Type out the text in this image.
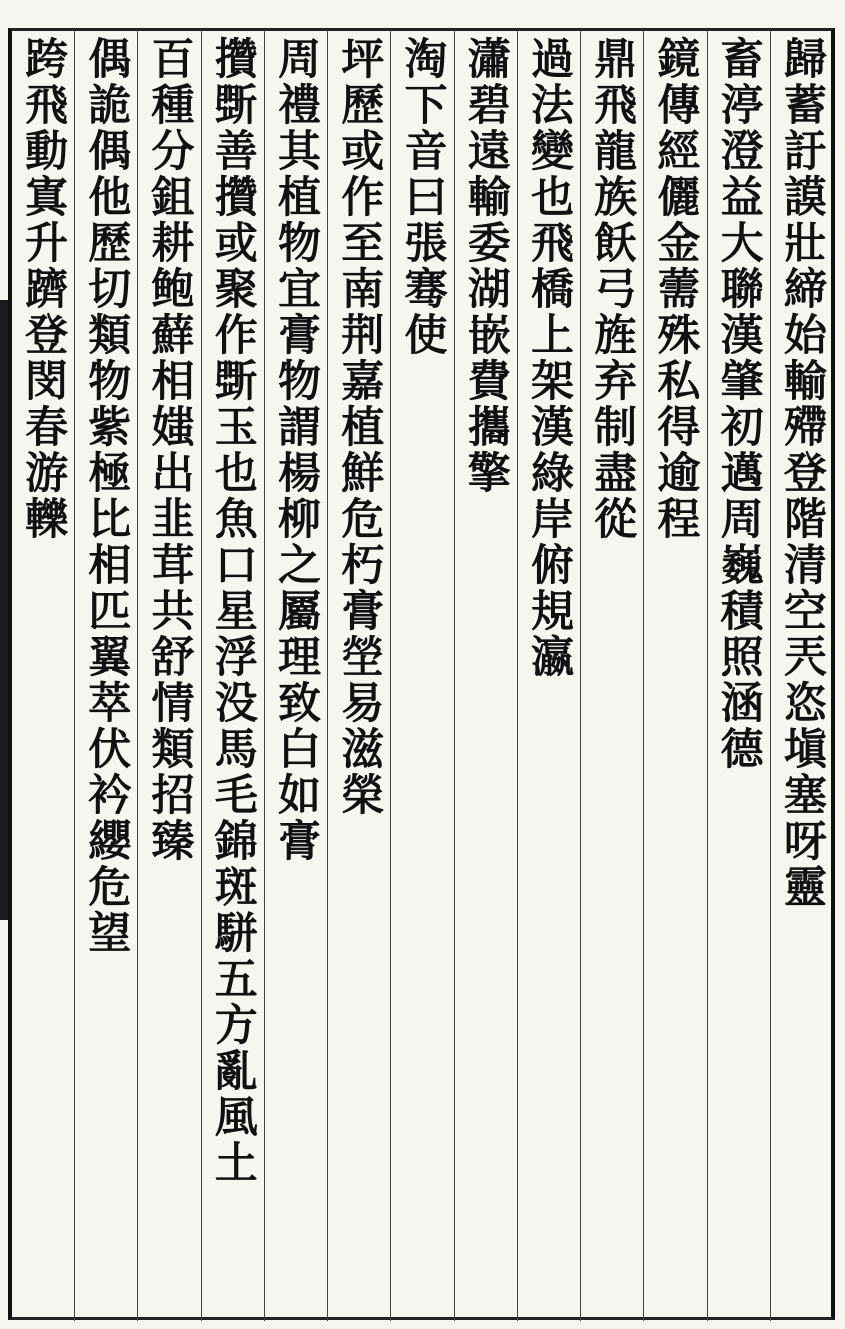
歸蓄訏謨壯締始輸殢登階清空兲恣塡塞呀靈
畜渟澄益大聯漢肇初邁周巍積照涵德
鏡傳經儷金薷殊私得逾程
鼎飛龍族飫弓旌弃制盡從
過法變也飛橋上架漢綠岸俯規瀛
瀟碧遠輸委湖嵌費攜擎
淘下音曰張骞使
坪歷或作至南荆嘉植鮮危朽膏塋易滋榮
周禮其植物宜膏物謂楊柳之屬理致白如膏
攢斲善攢或聚作斲玉也魚口星浮没馬毛錦斑駢五方亂風土
百種分鉏耕鲍蘚相媸出韭茸共舒情類招臻
偶詭偶他歷切類物紫極比相匹翼萃伏衿纓危望
跨飛動寘升躋登閔春游轢
